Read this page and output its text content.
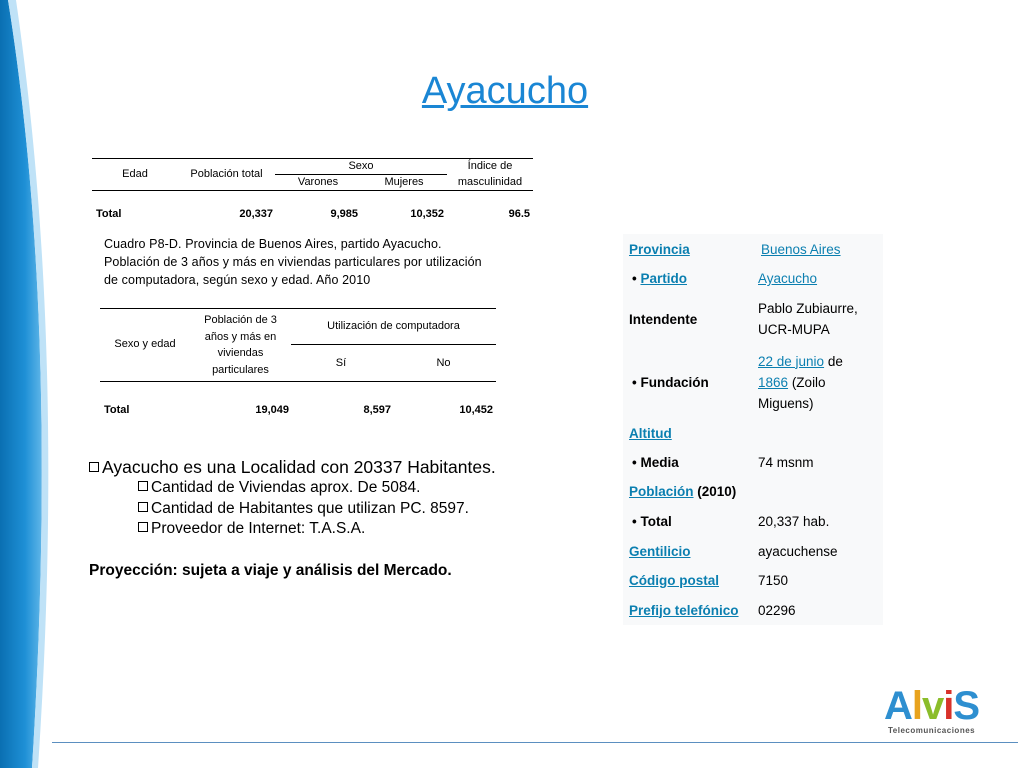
Ayacucho
Edad	Población total
Sexo
Varones	Mujeres
Índice de
masculinidad
Total	20,337	9,985	10,352	96.5
Cuadro P8-D. Provincia de Buenos Aires, partido Ayacucho. Población de 3 años y más en viviendas particulares por utilización de computadora, según sexo y edad. Año 2010
Sexo y edad
Población de 3
años y más en
viviendas
particulares
Utilización de computadora
Sí	No
Total	19,049	8,597	10,452
Provincia	Buenos Aires
• Partido	Ayacucho
Intendente	Pablo Zubiaurre,
UCR-MUPA

• Fundación	22 de junio de
1866 (Zoilo
Miguens)

Altitud	
• Media	74 msnm
Población (2010)	
• Total	20,337 hab.
Gentilicio	ayacuchense
Código postal	7150
Prefijo telefónico	02296
Ayacucho es una Localidad con 20337 Habitantes.
Cantidad de Viviendas aprox. De 5084.
Cantidad de Habitantes que utilizan PC. 8597.
Proveedor de Internet: T.A.S.A.
Proyección: sujeta a viaje y análisis del Mercado.
AlviS
Telecomunicaciones
